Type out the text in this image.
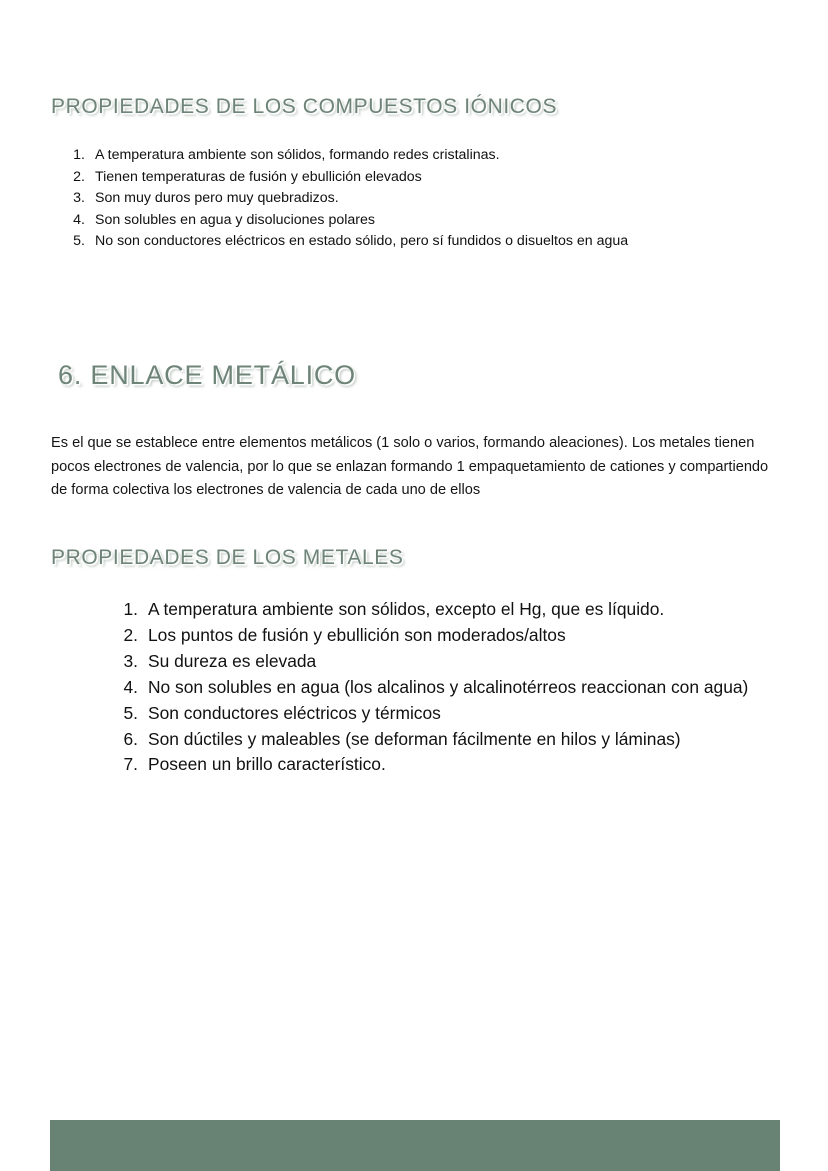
PROPIEDADES DE LOS COMPUESTOS IÓNICOS
1. A temperatura ambiente son sólidos, formando redes cristalinas.
2. Tienen temperaturas de fusión y ebullición elevados
3. Son muy duros pero muy quebradizos.
4. Son solubles en agua y disoluciones polares
5. No son conductores eléctricos en estado sólido, pero sí fundidos o disueltos en agua
6. ENLACE METÁLICO

Es el que se establece entre elementos metálicos (1 solo o varios, formando aleaciones). Los metales tienen pocos electrones de valencia, por lo que se enlazan formando 1 empaquetamiento de cationes y compartiendo de forma colectiva los electrones de valencia de cada uno de ellos

PROPIEDADES DE LOS METALES
1. A temperatura ambiente son sólidos, excepto el Hg, que es líquido.
2. Los puntos de fusión y ebullición son moderados/altos
3. Su dureza es elevada
4. No son solubles en agua (los alcalinos y alcalinotérreos reaccionan con agua)
5. Son conductores eléctricos y térmicos
6. Son dúctiles y maleables (se deforman fácilmente en hilos y láminas)
7. Poseen un brillo característico.
